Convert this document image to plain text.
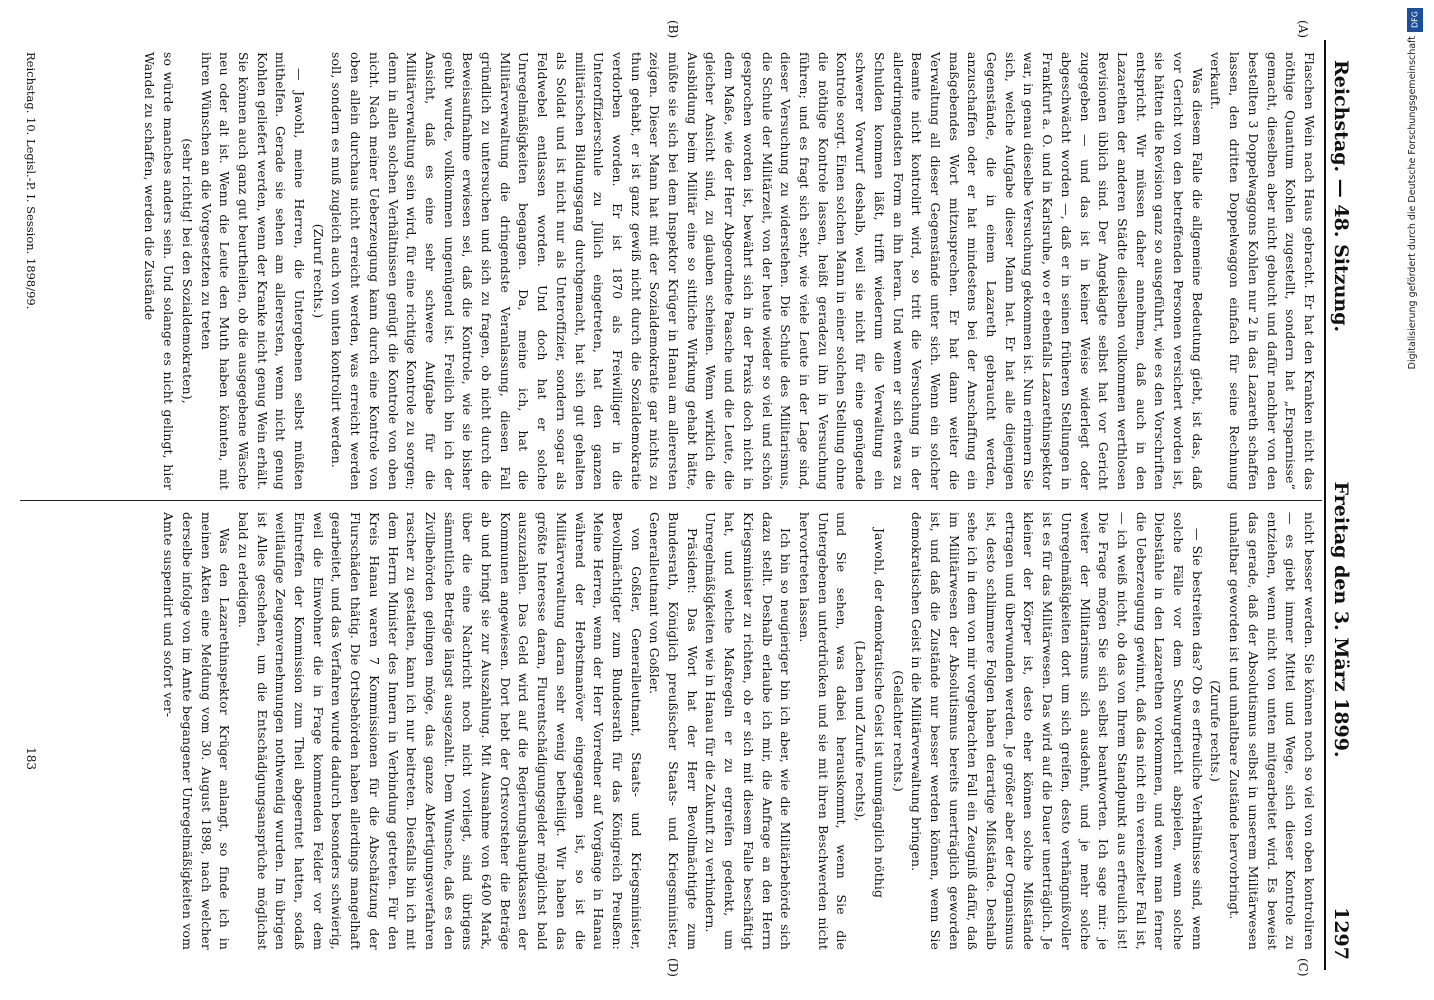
Reichstag. — 48. Sitzung.
Freitag den 3. März 1899.
1297
(A)
(B)
(C)
(D)

Flaschen Wein nach Haus gebracht. Er hat den Kranken nicht das nöthige Quantum Kohlen zugestellt, sondern hat „Ersparnisse“ gemacht, dieselben aber nicht gebucht und dafür nachher von den bestellten 3 Doppelwaggons Kohlen nur 2 in das Lazareth schaffen lassen, den dritten Doppelwaggon einfach für seine Rechnung verkauft.

Was diesem Falle die allgemeine Bedeutung giebt, ist das, daß vor Gericht von den betreffenden Personen versichert worden ist, sie hätten die Revision ganz so ausgeführt, wie es den Vorschriften entspricht. Wir müssen daher annehmen, daß auch in den Lazarethen der anderen Städte dieselben vollkommen werthlosen Revisionen üblich sind. Der Angeklagte selbst hat vor Gericht zugegeben — und das ist in keiner Weise widerlegt oder abgeschwächt worden —, daß er in seinen früheren Stellungen in Frankfurt a. O. und in Karlsruhe, wo er ebenfalls Lazarethinspektor war, in genau dieselbe Versuchung gekommen ist. Nun erinnern Sie sich, welche Aufgabe dieser Mann hat. Er hat alle diejenigen Gegenstände, die in einem Lazareth gebraucht werden, anzuschaffen oder er hat mindestens bei der Anschaffung ein maßgebendes Wort mitzusprechen. Er hat dann weiter die Verwaltung all dieser Gegenstände unter sich. Wenn ein solcher Beamte nicht kontrolirt wird, so tritt die Versuchung in der allerdringendsten Form an ihn heran. Und wenn er sich etwas zu Schulden kommen läßt, trifft wiederum die Verwaltung ein schwerer Vorwurf deshalb, weil sie nicht für eine genügende Kontrole sorgt. Einen solchen Mann in einer solchen Stellung ohne die nöthige Kontrole lassen, heißt geradezu ihn in Versuchung führen; und es fragt sich sehr, wie viele Leute in der Lage sind, dieser Versuchung zu widerstehen. Die Schule des Militarismus, die Schule der Militärzeit, von der heute wieder so viel und schön gesprochen worden ist, bewährt sich in der Praxis doch nicht in dem Maße, wie der Herr Abgeordnete Paasche und die Leute, die gleicher Ansicht sind, zu glauben scheinen. Wenn wirklich die Ausbildung beim Militär eine so sittliche Wirkung gehabt hätte, müßte sie sich bei dem Inspektor Krüger in Hanau am allerersten zeigen. Dieser Mann hat mit der Sozialdemokratie gar nichts zu thun gehabt, er ist ganz gewiß nicht durch die Sozialdemokratie verdorben worden. Er ist 1870 als Freiwilliger in die Unteroffizierschule zu Jülich eingetreten, hat den ganzen militärischen Bildungsgang durchgemacht, hat sich gut gehalten als Soldat und ist nicht nur als Unteroffizier, sondern sogar als Feldwebel entlassen worden. Und doch hat er solche Unregelmäßigkeiten begangen. Da, meine ich, hat die Militärverwaltung die dringendste Veranlassung, diesen Fall gründlich zu untersuchen und sich zu fragen, ob nicht durch die Beweisaufnahme erwiesen sei, daß die Kontrole, wie sie bisher geübt wurde, vollkommen ungenügend ist. Freilich bin ich der Ansicht, daß es eine sehr schwere Aufgabe für die Militärverwaltung sein wird, für eine richtige Kontrole zu sorgen; denn in allen solchen Verhältnissen genügt die Kontrole von oben nicht. Nach meiner Ueberzeugung kann durch eine Kontrole von oben allein durchaus nicht erreicht werden, was erreicht werden soll, sondern es muß zugleich auch von unten kontrolirt werden.

(Zuruf rechts.)

— Jawohl, meine Herren, die Untergebenen selbst müßten mithelfen. Gerade sie sehen am allerersten, wenn nicht genug Kohlen geliefert werden, wenn der Kranke nicht genug Wein erhält. Sie können auch ganz gut beurtheilen, ob die ausgegebene Wäsche neu oder alt ist. Wenn die Leute den Muth haben könnten, mit ihren Wünschen an die Vorgesetzten zu treten

(sehr richtig! bei den Sozialdemokraten),

so würde manches anders sein. Und solange es nicht gelingt, hier Wandel zu schaffen, werden die Zustände

nicht besser werden. Sie können noch so viel von oben kontroliren — es giebt immer Mittel und Wege, sich dieser Kontrole zu entziehen, wenn nicht von unten mitgearbeitet wird. Es beweist das gerade, daß der Absolutismus selbst in unserem Militärwesen unhaltbar geworden ist und unhaltbare Zustände hervorbringt.

(Zurufe rechts.)

— Sie bestreiten das? Ob es erfreuliche Verhältnisse sind, wenn solche Fälle vor dem Schwurgericht abspielen, wenn solche Diebstähle in den Lazarethen vorkommen, und wenn man ferner die Ueberzeugung gewinnt, daß das nicht ein vereinzelter Fall ist, — ich weiß nicht, ob das von Ihrem Standpunkt aus erfreulich ist! Die Frage mögen Sie sich selbst beantworten. Ich sage mir: je weiter der Militarismus sich ausdehnt, und je mehr solche Unregelmäßigkeiten dort um sich greifen, desto verhängnißvoller ist es für das Militärwesen. Das wird auf die Dauer unerträglich. Je kleiner der Körper ist, desto eher können solche Mißstände ertragen und überwunden werden. Je größer aber der Organismus ist, desto schlimmere Folgen haben derartige Mißstände. Deshalb sehe ich in dem von mir vorgebrachten Fall ein Zeugniß dafür, daß im Militärwesen der Absolutismus bereits unerträglich geworden ist, und daß die Zustände nur besser werden können, wenn Sie demokratischen Geist in die Militärverwaltung bringen.

(Gelächter rechts.)

Jawohl, der demokratische Geist ist unumgänglich nöthig

(Lachen und Zurufe rechts),

und Sie sehen, was dabei herauskommt, wenn Sie die Untergebenen unterdrücken und sie mit ihren Beschwerden nicht hervortreten lassen.

Ich bin so neugieriger bin ich aber, wie die Militärbehörde sich dazu stellt. Deshalb erlaube ich mir, die Anfrage an den Herrn Kriegsminister zu richten, ob er sich mit diesem Falle beschäftigt hat, und welche Maßregeln er zu ergreifen gedenkt, um Unregelmäßigkeiten wie in Hanau für die Zukunft zu verhindern.

Präsident: Das Wort hat der Herr Bevollmächtigte zum Bundesrath, Königlich preußischer Staats- und Kriegsminister, Generalleutnant von Goßler.

von Goßler, Generalleutnant, Staats- und Kriegsminister, Bevollmächtigter zum Bundesrath für das Königreich Preußen: Meine Herren, wenn der Herr Vorredner auf Vorgänge in Hanau während der Herbstmanöver eingegangen ist, so ist die Militärverwaltung daran sehr wenig betheiligt. Wir haben das größte Interesse daran, Flurentschädigungsgelder möglichst bald auszuzahlen. Das Geld wird auf die Regierungshauptkassen der Kommunen angewiesen. Dort hebt der Ortsvorsteher die Beträge ab und bringt sie zur Auszahlung. Mit Ausnahme von 6400 Mark, über die eine Nachricht noch nicht vorliegt, sind übrigens sämmtliche Beträge längst ausgezahlt. Dem Wunsche, daß es den Zivilbehörden gelingen möge, das ganze Abfertigungsverfahren rascher zu gestalten, kann ich nur beitreten. Diesfalls bin ich mit dem Herrn Minister des Innern in Verbindung getreten. Für den Kreis Hanau waren 7 Kommissionen für die Abschätzung der Flurschäden thätig. Die Ortsbehörden haben allerdings mangelhaft gearbeitet, und das Verfahren wurde dadurch besonders schwierig, weil die Einwohner die in Frage kommenden Felder vor dem Eintreffen der Kommission zum Theil abgeerntet hatten, sodaß weitläufige Zeugenvernehmungen nothwendig wurden. Im übrigen ist Alles geschehen, um die Entschädigungsansprüche möglichst bald zu erledigen.

Was den Lazarethinspektor Krüger anlangt, so finde ich in meinen Akten eine Meldung vom 30. August 1898, nach welcher derselbe infolge von im Amte begangener Unregelmäßigkeiten vom Amte suspendirt und sofort ver-

Reichstag. 10. Legisl.-P. I. Session. 1898/99.
183
DFG
Digitalisierung gefördert durch die Deutsche Forschungsgemeinschaft
